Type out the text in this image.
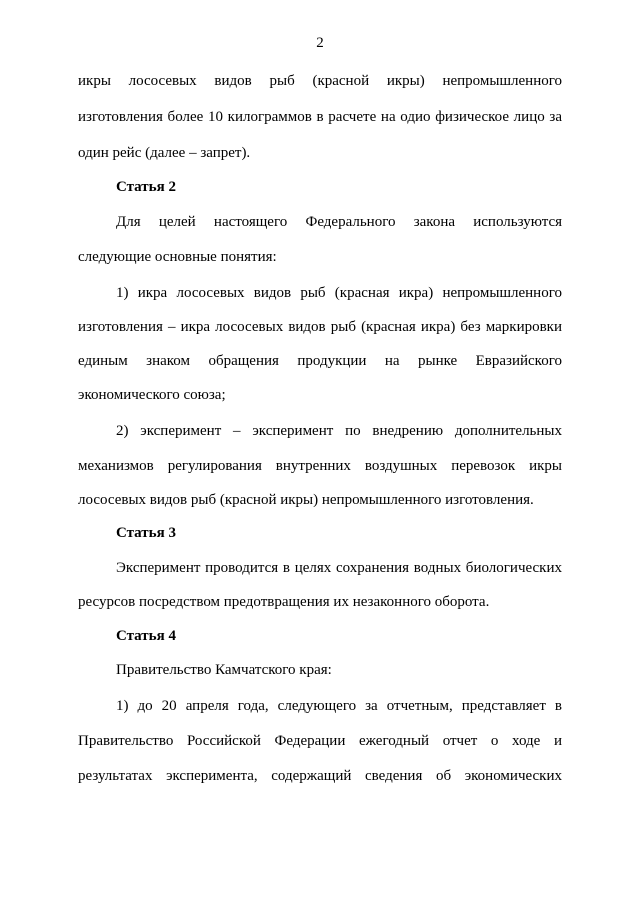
2
икры лососевых видов рыб (красной икры) непромышленного
изготовления более 10 килограммов в расчете на одио физическое лицо за
один рейс (далее – запрет).
Статья 2
Для целей настоящего Федерального закона используются
следующие основные понятия:
1) икра лососевых видов рыб (красная икра) непромышленного
изготовления – икра лососевых видов рыб (красная икра) без маркировки
единым знаком обращения продукции на рынке Евразийского
экономического союза;
2) эксперимент – эксперимент по внедрению дополнительных
механизмов регулирования внутренних воздушных перевозок икры
лососевых видов рыб (красной икры) непромышленного изготовления.
Статья 3
Эксперимент проводится в целях сохранения водных биологических
ресурсов посредством предотвращения их незаконного оборота.
Статья 4
Правительство Камчатского края:
1) до 20 апреля года, следующего за отчетным, представляет в
Правительство Российской Федерации ежегодный отчет о ходе и
результатах эксперимента, содержащий сведения об экономических
